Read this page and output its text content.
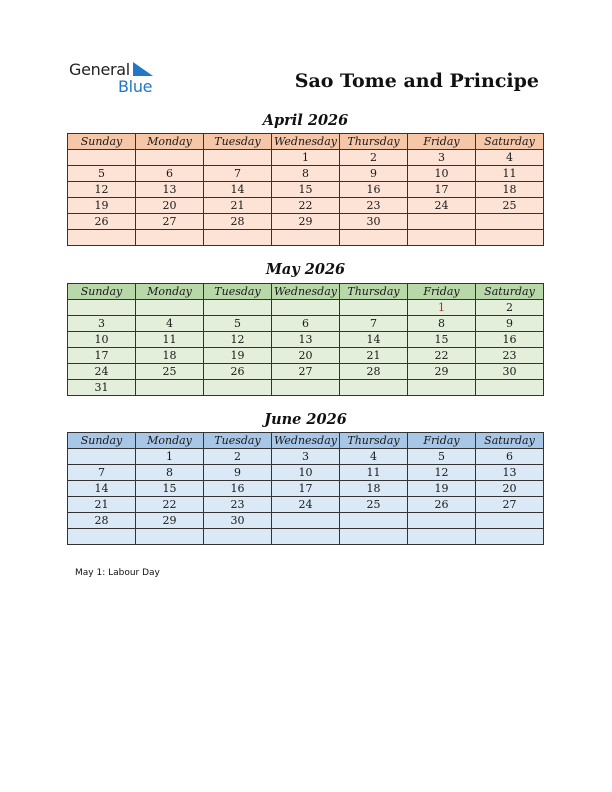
General
Blue	Sao Tome and Principe
April 2026
Sunday	Monday	Tuesday	Wednesday	Thursday	Friday	Saturday
			1	2	3	4
5	6	7	8	9	10	11
12	13	14	15	16	17	18
19	20	21	22	23	24	25
26	27	28	29	30		

May 2026
Sunday	Monday	Tuesday	Wednesday	Thursday	Friday	Saturday
					1	2
3	4	5	6	7	8	9
10	11	12	13	14	15	16
17	18	19	20	21	22	23
24	25	26	27	28	29	30
31						
June 2026
Sunday	Monday	Tuesday	Wednesday	Thursday	Friday	Saturday
	1	2	3	4	5	6
7	8	9	10	11	12	13
14	15	16	17	18	19	20
21	22	23	24	25	26	27
28	29	30				

May 1: Labour Day
